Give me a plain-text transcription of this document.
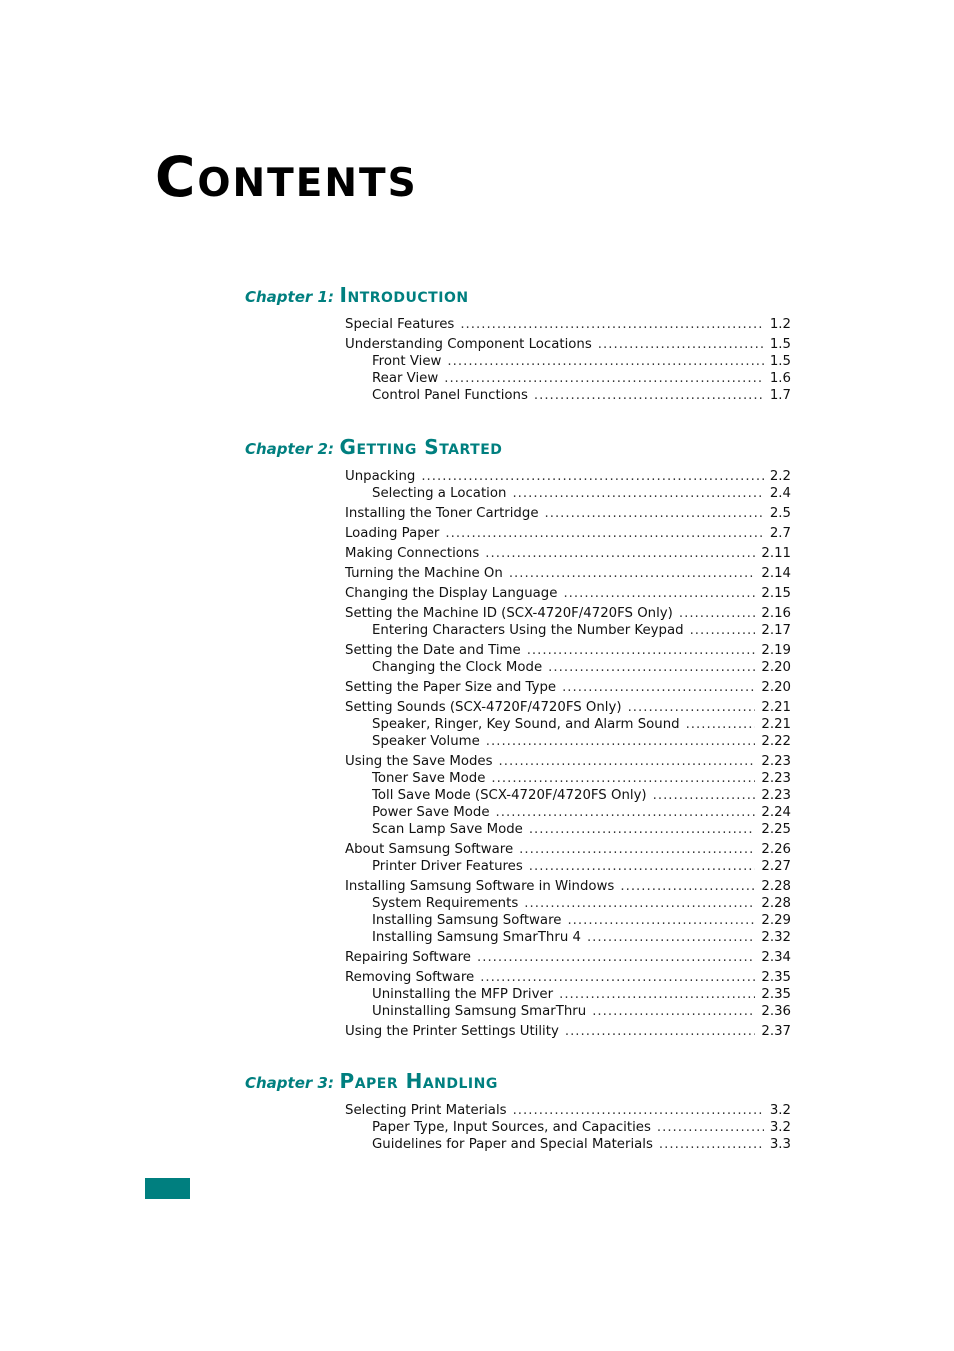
Contents
Chapter 1: Introduction
Special Features .....	1.2
Understanding Component Locations .....	1.5
Front View .....	1.5
Rear View .....	1.6
Control Panel Functions .....	1.7
Chapter 2: Getting Started
Unpacking .....	2.2
Selecting a Location .....	2.4
Installing the Toner Cartridge .....	2.5
Loading Paper .....	2.7
Making Connections .....	2.11
Turning the Machine On .....	2.14
Changing the Display Language .....	2.15
Setting the Machine ID (SCX-4720F/4720FS Only) .....	2.16
Entering Characters Using the Number Keypad .....	2.17
Setting the Date and Time .....	2.19
Changing the Clock Mode .....	2.20
Setting the Paper Size and Type .....	2.20
Setting Sounds (SCX-4720F/4720FS Only) .....	2.21
Speaker, Ringer, Key Sound, and Alarm Sound .....	2.21
Speaker Volume .....	2.22
Using the Save Modes .....	2.23
Toner Save Mode .....	2.23
Toll Save Mode (SCX-4720F/4720FS Only) .....	2.23
Power Save Mode .....	2.24
Scan Lamp Save Mode .....	2.25
About Samsung Software .....	2.26
Printer Driver Features .....	2.27
Installing Samsung Software in Windows .....	2.28
System Requirements .....	2.28
Installing Samsung Software .....	2.29
Installing Samsung SmarThru 4 .....	2.32
Repairing Software .....	2.34
Removing Software .....	2.35
Uninstalling the MFP Driver .....	2.35
Uninstalling Samsung SmarThru .....	2.36
Using the Printer Settings Utility .....	2.37
Chapter 3: Paper Handling
Selecting Print Materials .....	3.2
Paper Type, Input Sources, and Capacities .....	3.2
Guidelines for Paper and Special Materials .....	3.3
